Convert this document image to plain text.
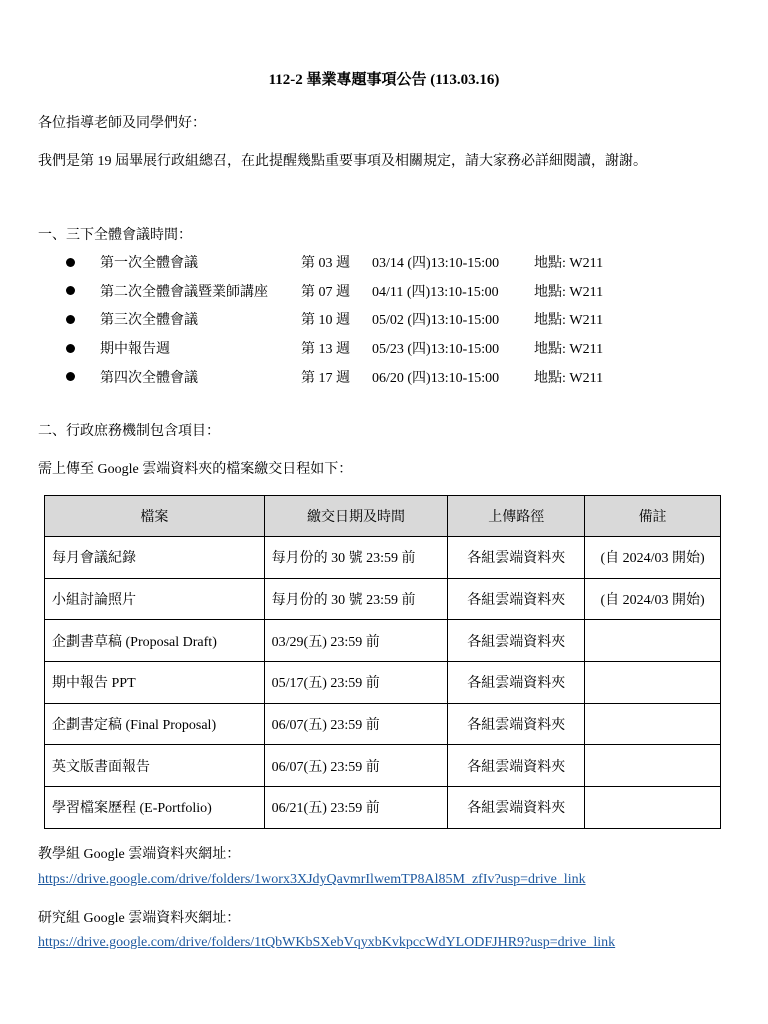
112-2 畢業專題事項公告 (113.03.16)
各位指導老師及同學們好：
我們是第 19 屆畢展行政組總召，在此提醒幾點重要事項及相關規定，請大家務必詳細閱讀，謝謝。
一、三下全體會議時間：
第一次全體會議	第 03 週	03/14 (四)13:10-15:00	地點: W211
第二次全體會議暨業師講座	第 07 週	04/11 (四)13:10-15:00	地點: W211
第三次全體會議	第 10 週	05/02 (四)13:10-15:00	地點: W211
期中報告週	第 13 週	05/23 (四)13:10-15:00	地點: W211
第四次全體會議	第 17 週	06/20 (四)13:10-15:00	地點: W211
二、行政庶務機制包含項目：
需上傳至 Google 雲端資料夾的檔案繳交日程如下：
檔案	繳交日期及時間	上傳路徑	備註
每月會議紀錄	每月份的 30 號 23:59 前	各組雲端資料夾	(自 2024/03 開始)
小組討論照片	每月份的 30 號 23:59 前	各組雲端資料夾	(自 2024/03 開始)
企劃書草稿 (Proposal Draft)	03/29(五) 23:59 前	各組雲端資料夾	
期中報告 PPT	05/17(五) 23:59 前	各組雲端資料夾	
企劃書定稿 (Final Proposal)	06/07(五) 23:59 前	各組雲端資料夾	
英文版書面報告	06/07(五) 23:59 前	各組雲端資料夾	
學習檔案歷程 (E-Portfolio)	06/21(五) 23:59 前	各組雲端資料夾	
教學組 Google 雲端資料夾網址：
https://drive.google.com/drive/folders/1worx3XJdyQavmrIlwemTP8Al85M_zfIv?usp=drive_link
研究組 Google 雲端資料夾網址：
https://drive.google.com/drive/folders/1tQbWKbSXebVqyxbKvkpccWdYLODFJHR9?usp=drive_link
